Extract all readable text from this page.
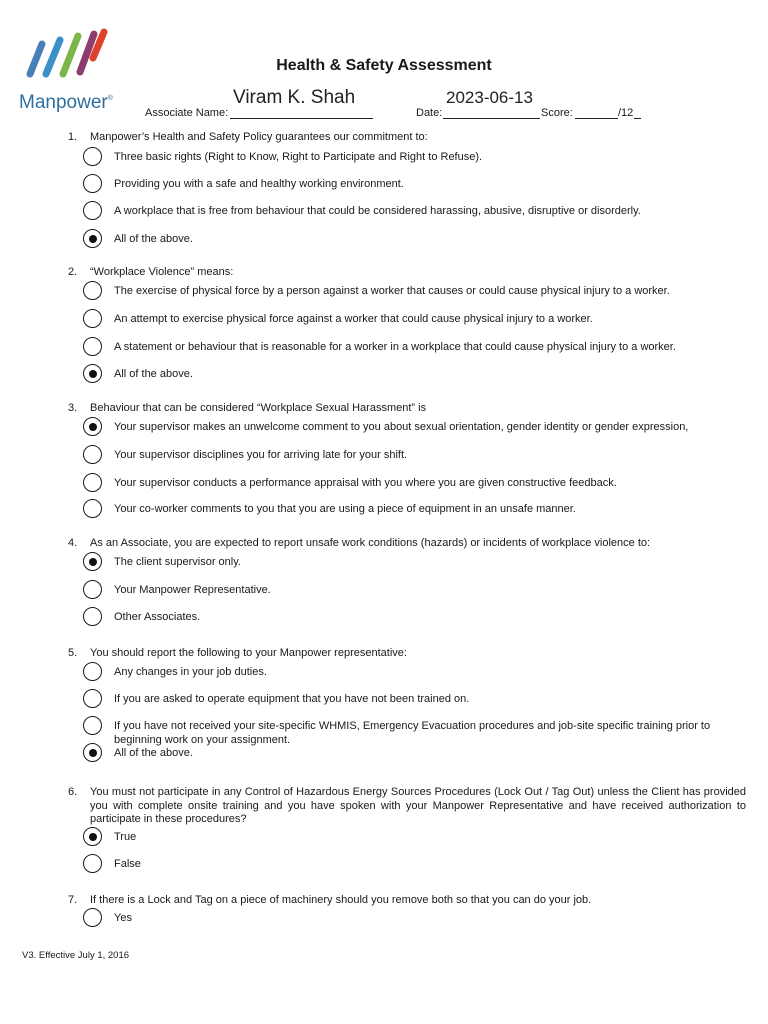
Manpower®
Health & Safety Assessment
Associate Name:
Viram K. Shah
Date:
2023-06-13
Score:	/12
1. Manpower’s Health and Safety Policy guarantees our commitment to:
Three basic rights (Right to Know, Right to Participate and Right to Refuse).
Providing you with a safe and healthy working environment.
A workplace that is free from behaviour that could be considered harassing, abusive, disruptive or disorderly.
All of the above.
2. “Workplace Violence” means:
The exercise of physical force by a person against a worker that causes or could cause physical injury to a worker.
An attempt to exercise physical force against a worker that could cause physical injury to a worker.
A statement or behaviour that is reasonable for a worker in a workplace that could cause physical injury to a worker.
All of the above.
3. Behaviour that can be considered “Workplace Sexual Harassment” is
Your supervisor makes an unwelcome comment to you about sexual orientation, gender identity or gender expression,
Your supervisor disciplines you for arriving late for your shift.
Your supervisor conducts a performance appraisal with you where you are given constructive feedback.
Your co-worker comments to you that you are using a piece of equipment in an unsafe manner.
4. As an Associate, you are expected to report unsafe work conditions (hazards) or incidents of workplace violence to:
The client supervisor only.
Your Manpower Representative.
Other Associates.
5. You should report the following to your Manpower representative:
Any changes in your job duties.
If you are asked to operate equipment that you have not been trained on.
If you have not received your site-specific WHMIS, Emergency Evacuation procedures and job-site specific training prior to beginning work on your assignment.
All of the above.
6. You must not participate in any Control of Hazardous Energy Sources Procedures (Lock Out / Tag Out) unless the Client has provided you with complete onsite training and you have spoken with your Manpower Representative and have received authorization to participate in these procedures?
True
False
7. If there is a Lock and Tag on a piece of machinery should you remove both so that you can do your job.
Yes
V3. Effective July 1, 2016
